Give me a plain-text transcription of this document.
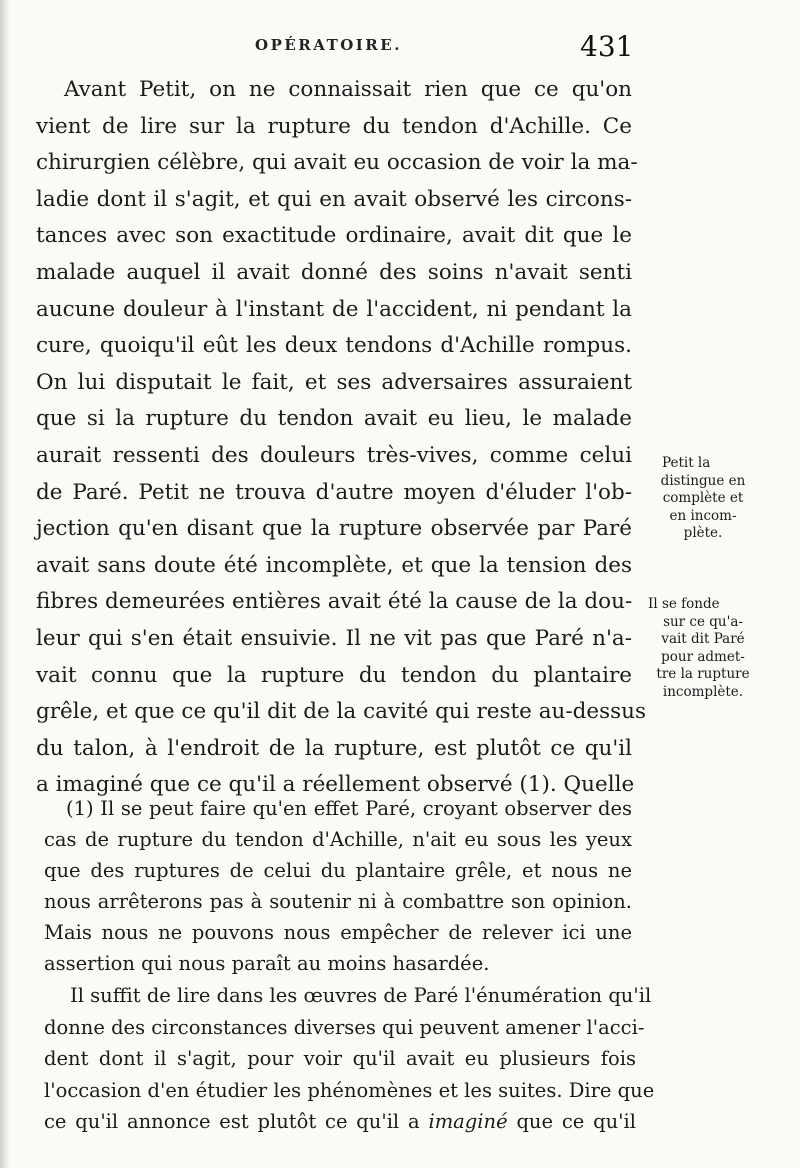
OPÉRATOIRE.	431
Avant Petit, on ne connaissait rien que ce qu'on
vient de lire sur la rupture du tendon d'Achille. Ce
chirurgien célèbre, qui avait eu occasion de voir la ma-
ladie dont il s'agit, et qui en avait observé les circons-
tances avec son exactitude ordinaire, avait dit que le
malade auquel il avait donné des soins n'avait senti
aucune douleur à l'instant de l'accident, ni pendant la
cure, quoiqu'il eût les deux tendons d'Achille rompus.
On lui disputait le fait, et ses adversaires assuraient
que si la rupture du tendon avait eu lieu, le malade
aurait ressenti des douleurs très-vives, comme celui
de Paré. Petit ne trouva d'autre moyen d'éluder l'ob-
jection qu'en disant que la rupture observée par Paré
avait sans doute été incomplète, et que la tension des
fibres demeurées entières avait été la cause de la dou-
leur qui s'en était ensuivie. Il ne vit pas que Paré n'a-
vait connu que la rupture du tendon du plantaire
grêle, et que ce qu'il dit de la cavité qui reste au-dessus
du talon, à l'endroit de la rupture, est plutôt ce qu'il
a imaginé que ce qu'il a réellement observé (1). Quelle
Petit la
distingue en
complète et
en incom-
plète.
Il se fonde
sur ce qu'a-
vait dit Paré
pour admet-
tre la rupture
incomplète.
(1) Il se peut faire qu'en effet Paré, croyant observer des
cas de rupture du tendon d'Achille, n'ait eu sous les yeux
que des ruptures de celui du plantaire grêle, et nous ne
nous arrêterons pas à soutenir ni à combattre son opinion.
Mais nous ne pouvons nous empêcher de relever ici une
assertion qui nous paraît au moins hasardée.
Il suffit de lire dans les œuvres de Paré l'énumération qu'il
donne des circonstances diverses qui peuvent amener l'acci-
dent dont il s'agit, pour voir qu'il avait eu plusieurs fois
l'occasion d'en étudier les phénomènes et les suites. Dire que
ce qu'il annonce est plutôt ce qu'il a imaginé que ce qu'il
